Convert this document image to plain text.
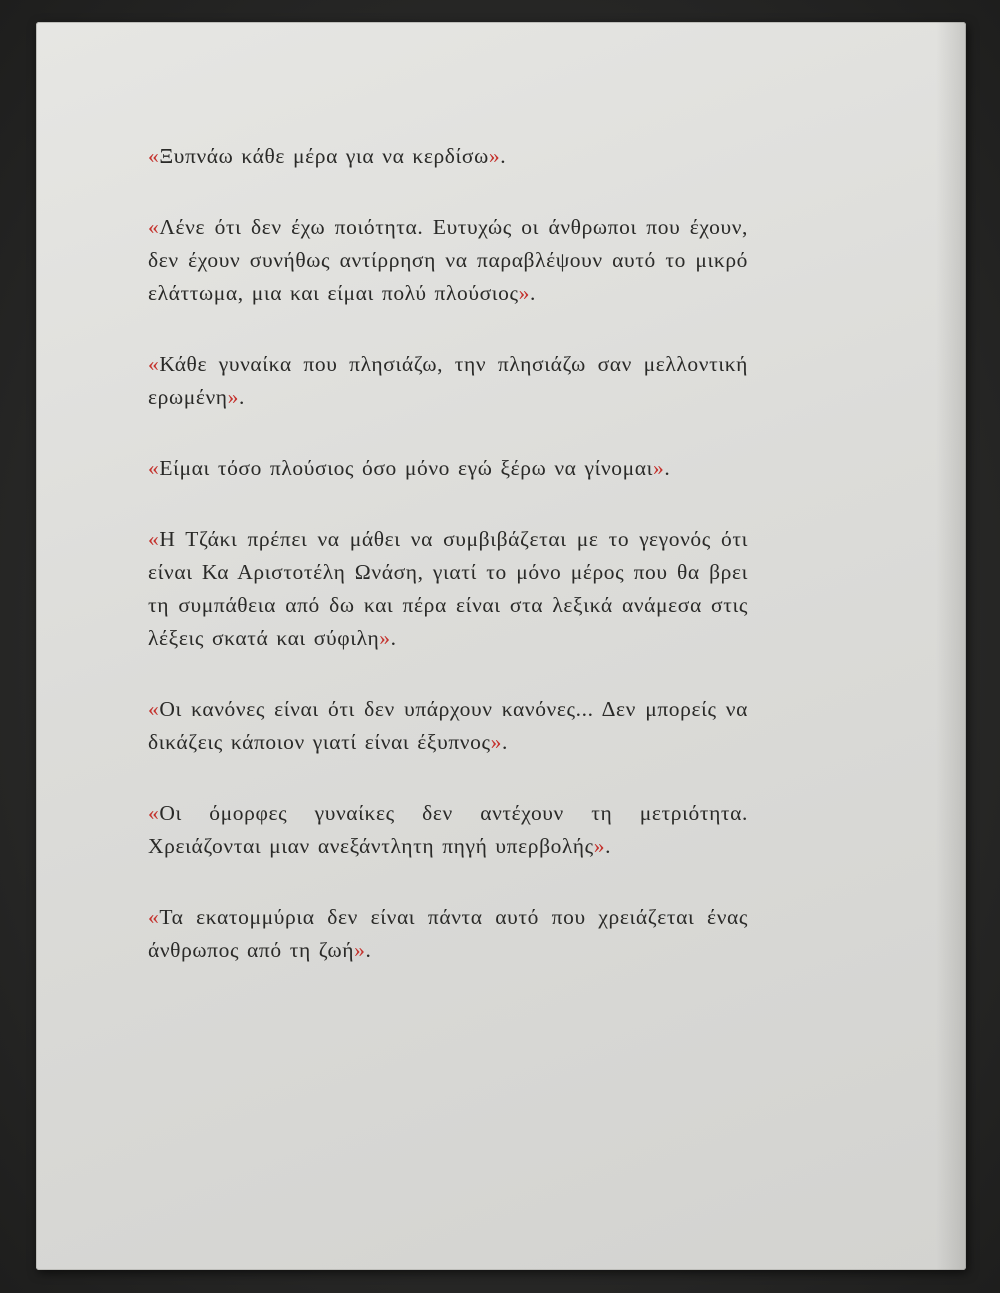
«Ξυπνάω κάθε μέρα για να κερδίσω».

«Λένε ότι δεν έχω ποιότητα. Ευτυχώς οι άνθρωποι που έχουν, δεν έχουν συνήθως αντίρρηση να παραβλέψουν αυτό το μικρό ελάττωμα, μια και είμαι πολύ πλούσιος».

«Κάθε γυναίκα που πλησιάζω, την πλησιάζω σαν μελλοντική ερωμένη».

«Είμαι τόσο πλούσιος όσο μόνο εγώ ξέρω να γίνομαι».

«Η Τζάκι πρέπει να μάθει να συμβιβάζεται με το γεγονός ότι είναι Κα Αριστοτέλη Ωνάση, γιατί το μόνο μέρος που θα βρει τη συμπάθεια από δω και πέρα είναι στα λεξικά ανάμεσα στις λέξεις σκατά και σύφιλη».

«Οι κανόνες είναι ότι δεν υπάρχουν κανόνες... Δεν μπορείς να δικάζεις κάποιον γιατί είναι έξυπνος».

«Οι όμορφες γυναίκες δεν αντέχουν τη μετριότητα. Χρειάζονται μιαν ανεξάντλητη πηγή υπερβολής».

«Τα εκατομμύρια δεν είναι πάντα αυτό που χρειάζεται ένας άνθρωπος από τη ζωή».
